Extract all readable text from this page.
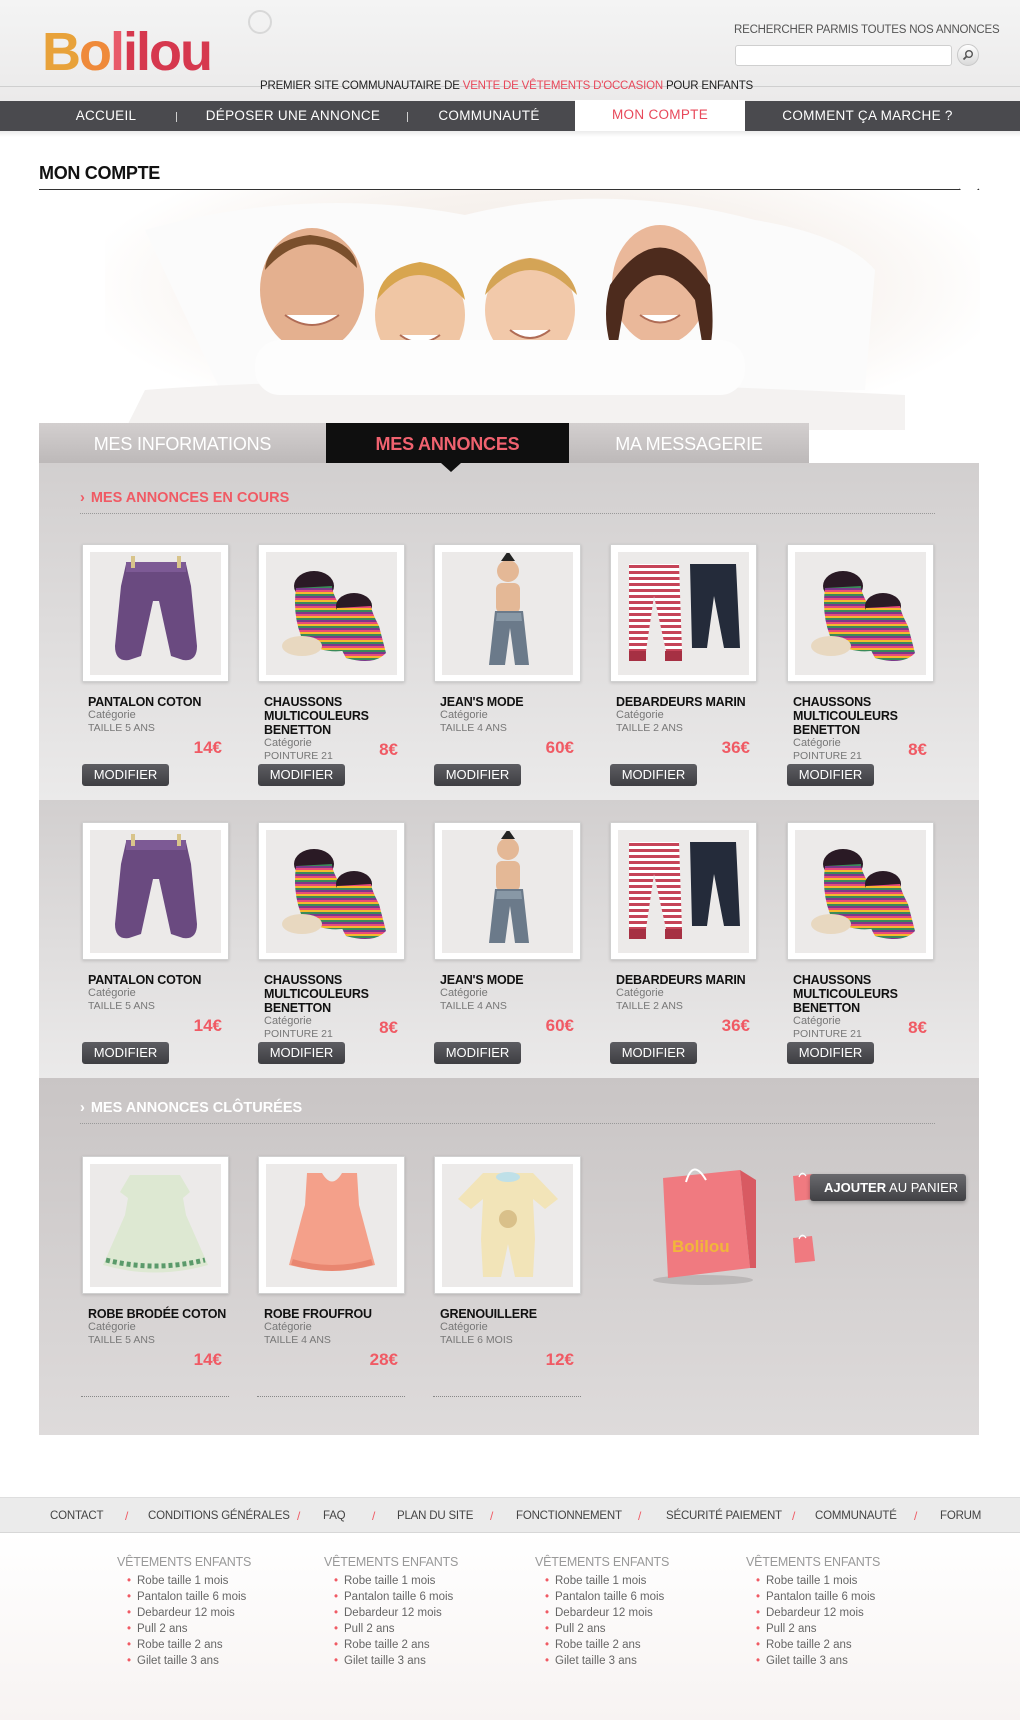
Bolilou
PREMIER SITE COMMUNAUTAIRE DE VENTE DE VÊTEMENTS D'OCCASION POUR ENFANTS
RECHERCHER PARMIS TOUTES NOS ANNONCES
ACCUEIL	DÉPOSER UNE ANNONCE	COMMUNAUTÉ	MON COMPTE	COMMENT ÇA MARCHE ?
MON COMPTE
MES INFORMATIONS	MES ANNONCES	MA MESSAGERIE
› MES ANNONCES EN COURS
PANTALON COTON
Catégorie
TAILLE 5 ANS
14€
MODIFIER
CHAUSSONS MULTICOULEURS BENETTON
Catégorie
POINTURE 21	8€
MODIFIER
JEAN'S MODE
Catégorie
TAILLE 4 ANS
60€
MODIFIER
DEBARDEURS MARIN
Catégorie
TAILLE 2 ANS
36€
MODIFIER
CHAUSSONS MULTICOULEURS BENETTON
Catégorie
POINTURE 21	8€
MODIFIER
PANTALON COTON
Catégorie
TAILLE 5 ANS
14€
MODIFIER
CHAUSSONS MULTICOULEURS BENETTON
Catégorie
POINTURE 21	8€
MODIFIER
JEAN'S MODE
Catégorie
TAILLE 4 ANS
60€
MODIFIER
DEBARDEURS MARIN
Catégorie
TAILLE 2 ANS
36€
MODIFIER
CHAUSSONS MULTICOULEURS BENETTON
Catégorie
POINTURE 21	8€
MODIFIER
› MES ANNONCES CLÔTURÉES
ROBE BRODÉE COTON
Catégorie
TAILLE 5 ANS
14€
ROBE FROUFROU
Catégorie
TAILLE 4 ANS
28€
GRENOUILLERE
Catégorie
TAILLE 6 MOIS
12€
Bolilou
AJOUTER AU PANIER
CONTACT	CONDITIONS GÉNÉRALES	FAQ	PLAN DU SITE	FONCTIONNEMENT	SÉCURITÉ PAIEMENT	COMMUNAUTÉ	FORUM
/	/	/	/	/	/	/
VÊTEMENTS ENFANTS
• Robe taille 1 mois
• Pantalon taille 6 mois
• Debardeur 12 mois
• Pull 2 ans
• Robe taille 2 ans
• Gilet taille 3 ans
VÊTEMENTS ENFANTS
• Robe taille 1 mois
• Pantalon taille 6 mois
• Debardeur 12 mois
• Pull 2 ans
• Robe taille 2 ans
• Gilet taille 3 ans
VÊTEMENTS ENFANTS
• Robe taille 1 mois
• Pantalon taille 6 mois
• Debardeur 12 mois
• Pull 2 ans
• Robe taille 2 ans
• Gilet taille 3 ans
VÊTEMENTS ENFANTS
• Robe taille 1 mois
• Pantalon taille 6 mois
• Debardeur 12 mois
• Pull 2 ans
• Robe taille 2 ans
• Gilet taille 3 ans
